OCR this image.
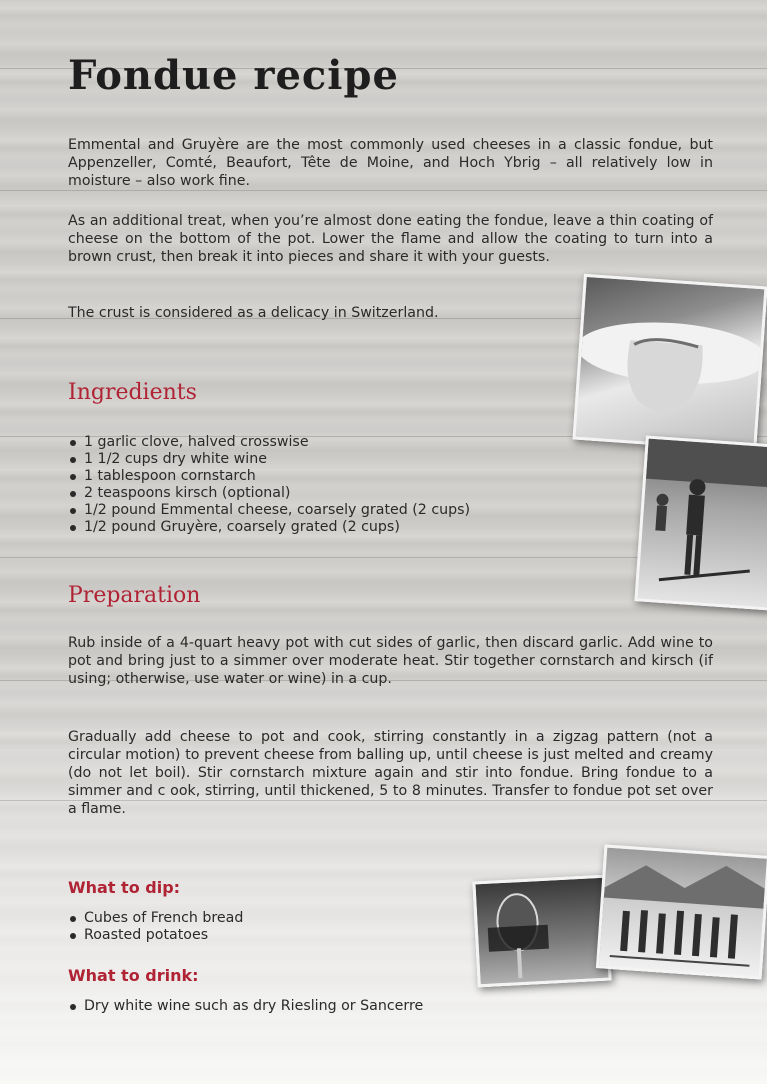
Fondue recipe

Emmental and Gruyère are the most commonly used cheeses in a classic fondue, but Appenzeller, Comté, Beaufort, Tête de Moine, and Hoch Ybrig – all relatively low in moisture – also work fine.

As an additional treat, when you’re almost done eating the fondue, leave a thin coating of cheese on the bottom of the pot. Lower the flame and allow the coating to turn into a brown crust, then break it into pieces and share it with your guests.

The crust is considered as a delicacy in Switzerland.

Ingredients
1 garlic clove, halved crosswise
1 1/2 cups dry white wine
1 tablespoon cornstarch
2 teaspoons kirsch (optional)
1/2 pound Emmental cheese, coarsely grated (2 cups)
1/2 pound Gruyère, coarsely grated (2 cups)
Preparation

Rub inside of a 4-quart heavy pot with cut sides of garlic, then discard garlic. Add wine to pot and bring just to a simmer over moderate heat. Stir together cornstarch and kirsch (if using; otherwise, use water or wine) in a cup.

Gradually add cheese to pot and cook, stirring constantly in a zigzag pattern (not a circular motion) to prevent cheese from balling up, until cheese is just melted and creamy (do not let boil). Stir cornstarch mixture again and stir into fondue. Bring fondue to a simmer and c ook, stirring, until thickened, 5 to 8 minutes. Transfer to fondue pot set over a flame.

What to dip:
Cubes of French bread
Roasted potatoes
What to drink:
Dry white wine such as dry Riesling or Sancerre
